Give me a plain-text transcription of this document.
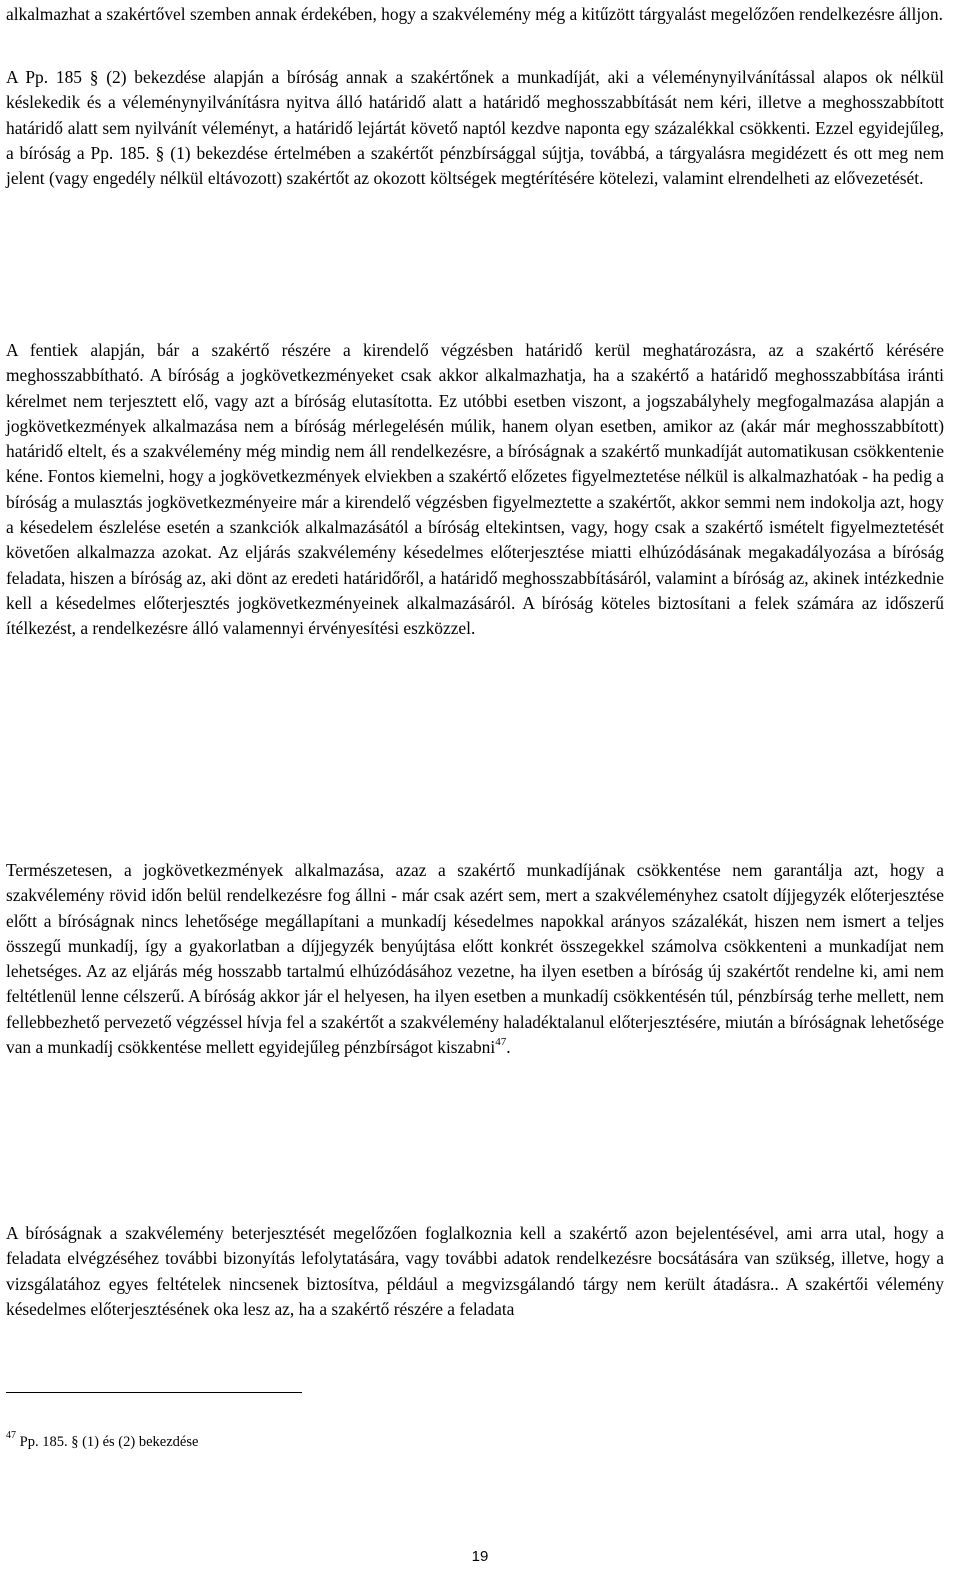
alkalmazhat a szakértővel szemben annak érdekében, hogy a szakvélemény még a kitűzött tárgyalást megelőzően rendelkezésre álljon.

A Pp. 185 § (2) bekezdése alapján a bíróság annak a szakértőnek a munkadíját, aki a véleménynyilvánítással alapos ok nélkül késlekedik és a véleménynyilvánításra nyitva álló határidő alatt a határidő meghosszabbítását nem kéri, illetve a meghosszabbított határidő alatt sem nyilvánít véleményt, a határidő lejártát követő naptól kezdve naponta egy százalékkal csökkenti. Ezzel egyidejűleg, a bíróság a Pp. 185. § (1) bekezdése értelmében a szakértőt pénzbírsággal sújtja, továbbá, a tárgyalásra megidézett és ott meg nem jelent (vagy engedély nélkül eltávozott) szakértőt az okozott költségek megtérítésére kötelezi, valamint elrendelheti az elővezetését.

A fentiek alapján, bár a szakértő részére a kirendelő végzésben határidő kerül meghatározásra, az a szakértő kérésére meghosszabbítható. A bíróság a jogkövetkezményeket csak akkor alkalmazhatja, ha a szakértő a határidő meghosszabbítása iránti kérelmet nem terjesztett elő, vagy azt a bíróság elutasította. Ez utóbbi esetben viszont, a jogszabályhely megfogalmazása alapján a jogkövetkezmények alkalmazása nem a bíróság mérlegelésén múlik, hanem olyan esetben, amikor az (akár már meghosszabbított) határidő eltelt, és a szakvélemény még mindig nem áll rendelkezésre, a bíróságnak a szakértő munkadíját automatikusan csökkentenie kéne. Fontos kiemelni, hogy a jogkövetkezmények elviekben a szakértő előzetes figyelmeztetése nélkül is alkalmazhatóak - ha pedig a bíróság a mulasztás jogkövetkezményeire már a kirendelő végzésben figyelmeztette a szakértőt, akkor semmi nem indokolja azt, hogy a késedelem észlelése esetén a szankciók alkalmazásától a bíróság eltekintsen, vagy, hogy csak a szakértő ismételt figyelmeztetését követően alkalmazza azokat. Az eljárás szakvélemény késedelmes előterjesztése miatti elhúzódásának megakadályozása a bíróság feladata, hiszen a bíróság az, aki dönt az eredeti határidőről, a határidő meghosszabbításáról, valamint a bíróság az, akinek intézkednie kell a késedelmes előterjesztés jogkövetkezményeinek alkalmazásáról. A bíróság köteles biztosítani a felek számára az időszerű ítélkezést, a rendelkezésre álló valamennyi érvényesítési eszközzel.

Természetesen, a jogkövetkezmények alkalmazása, azaz a szakértő munkadíjának csökkentése nem garantálja azt, hogy a szakvélemény rövid időn belül rendelkezésre fog állni - már csak azért sem, mert a szakvéleményhez csatolt díjjegyzék előterjesztése előtt a bíróságnak nincs lehetősége megállapítani a munkadíj késedelmes napokkal arányos százalékát, hiszen nem ismert a teljes összegű munkadíj, így a gyakorlatban a díjjegyzék benyújtása előtt konkrét összegekkel számolva csökkenteni a munkadíjat nem lehetséges. Az az eljárás még hosszabb tartalmú elhúzódásához vezetne, ha ilyen esetben a bíróság új szakértőt rendelne ki, ami nem feltétlenül lenne célszerű. A bíróság akkor jár el helyesen, ha ilyen esetben a munkadíj csökkentésén túl, pénzbírság terhe mellett, nem fellebbezhető pervezető végzéssel hívja fel a szakértőt a szakvélemény haladéktalanul előterjesztésére, miután a bíróságnak lehetősége van a munkadíj csökkentése mellett egyidejűleg pénzbírságot kiszabni$^{47}$.

A bíróságnak a szakvélemény beterjesztését megelőzően foglalkoznia kell a szakértő azon bejelentésével, ami arra utal, hogy a feladata elvégzéséhez további bizonyítás lefolytatására, vagy további adatok rendelkezésre bocsátására van szükség, illetve, hogy a vizsgálatához egyes feltételek nincsenek biztosítva, például a megvizsgálandó tárgy nem került átadásra.. A szakértői vélemény késedelmes előterjesztésének oka lesz az, ha a szakértő részére a feladata

$^{47}$ Pp. 185. § (1) és (2) bekezdése

19
